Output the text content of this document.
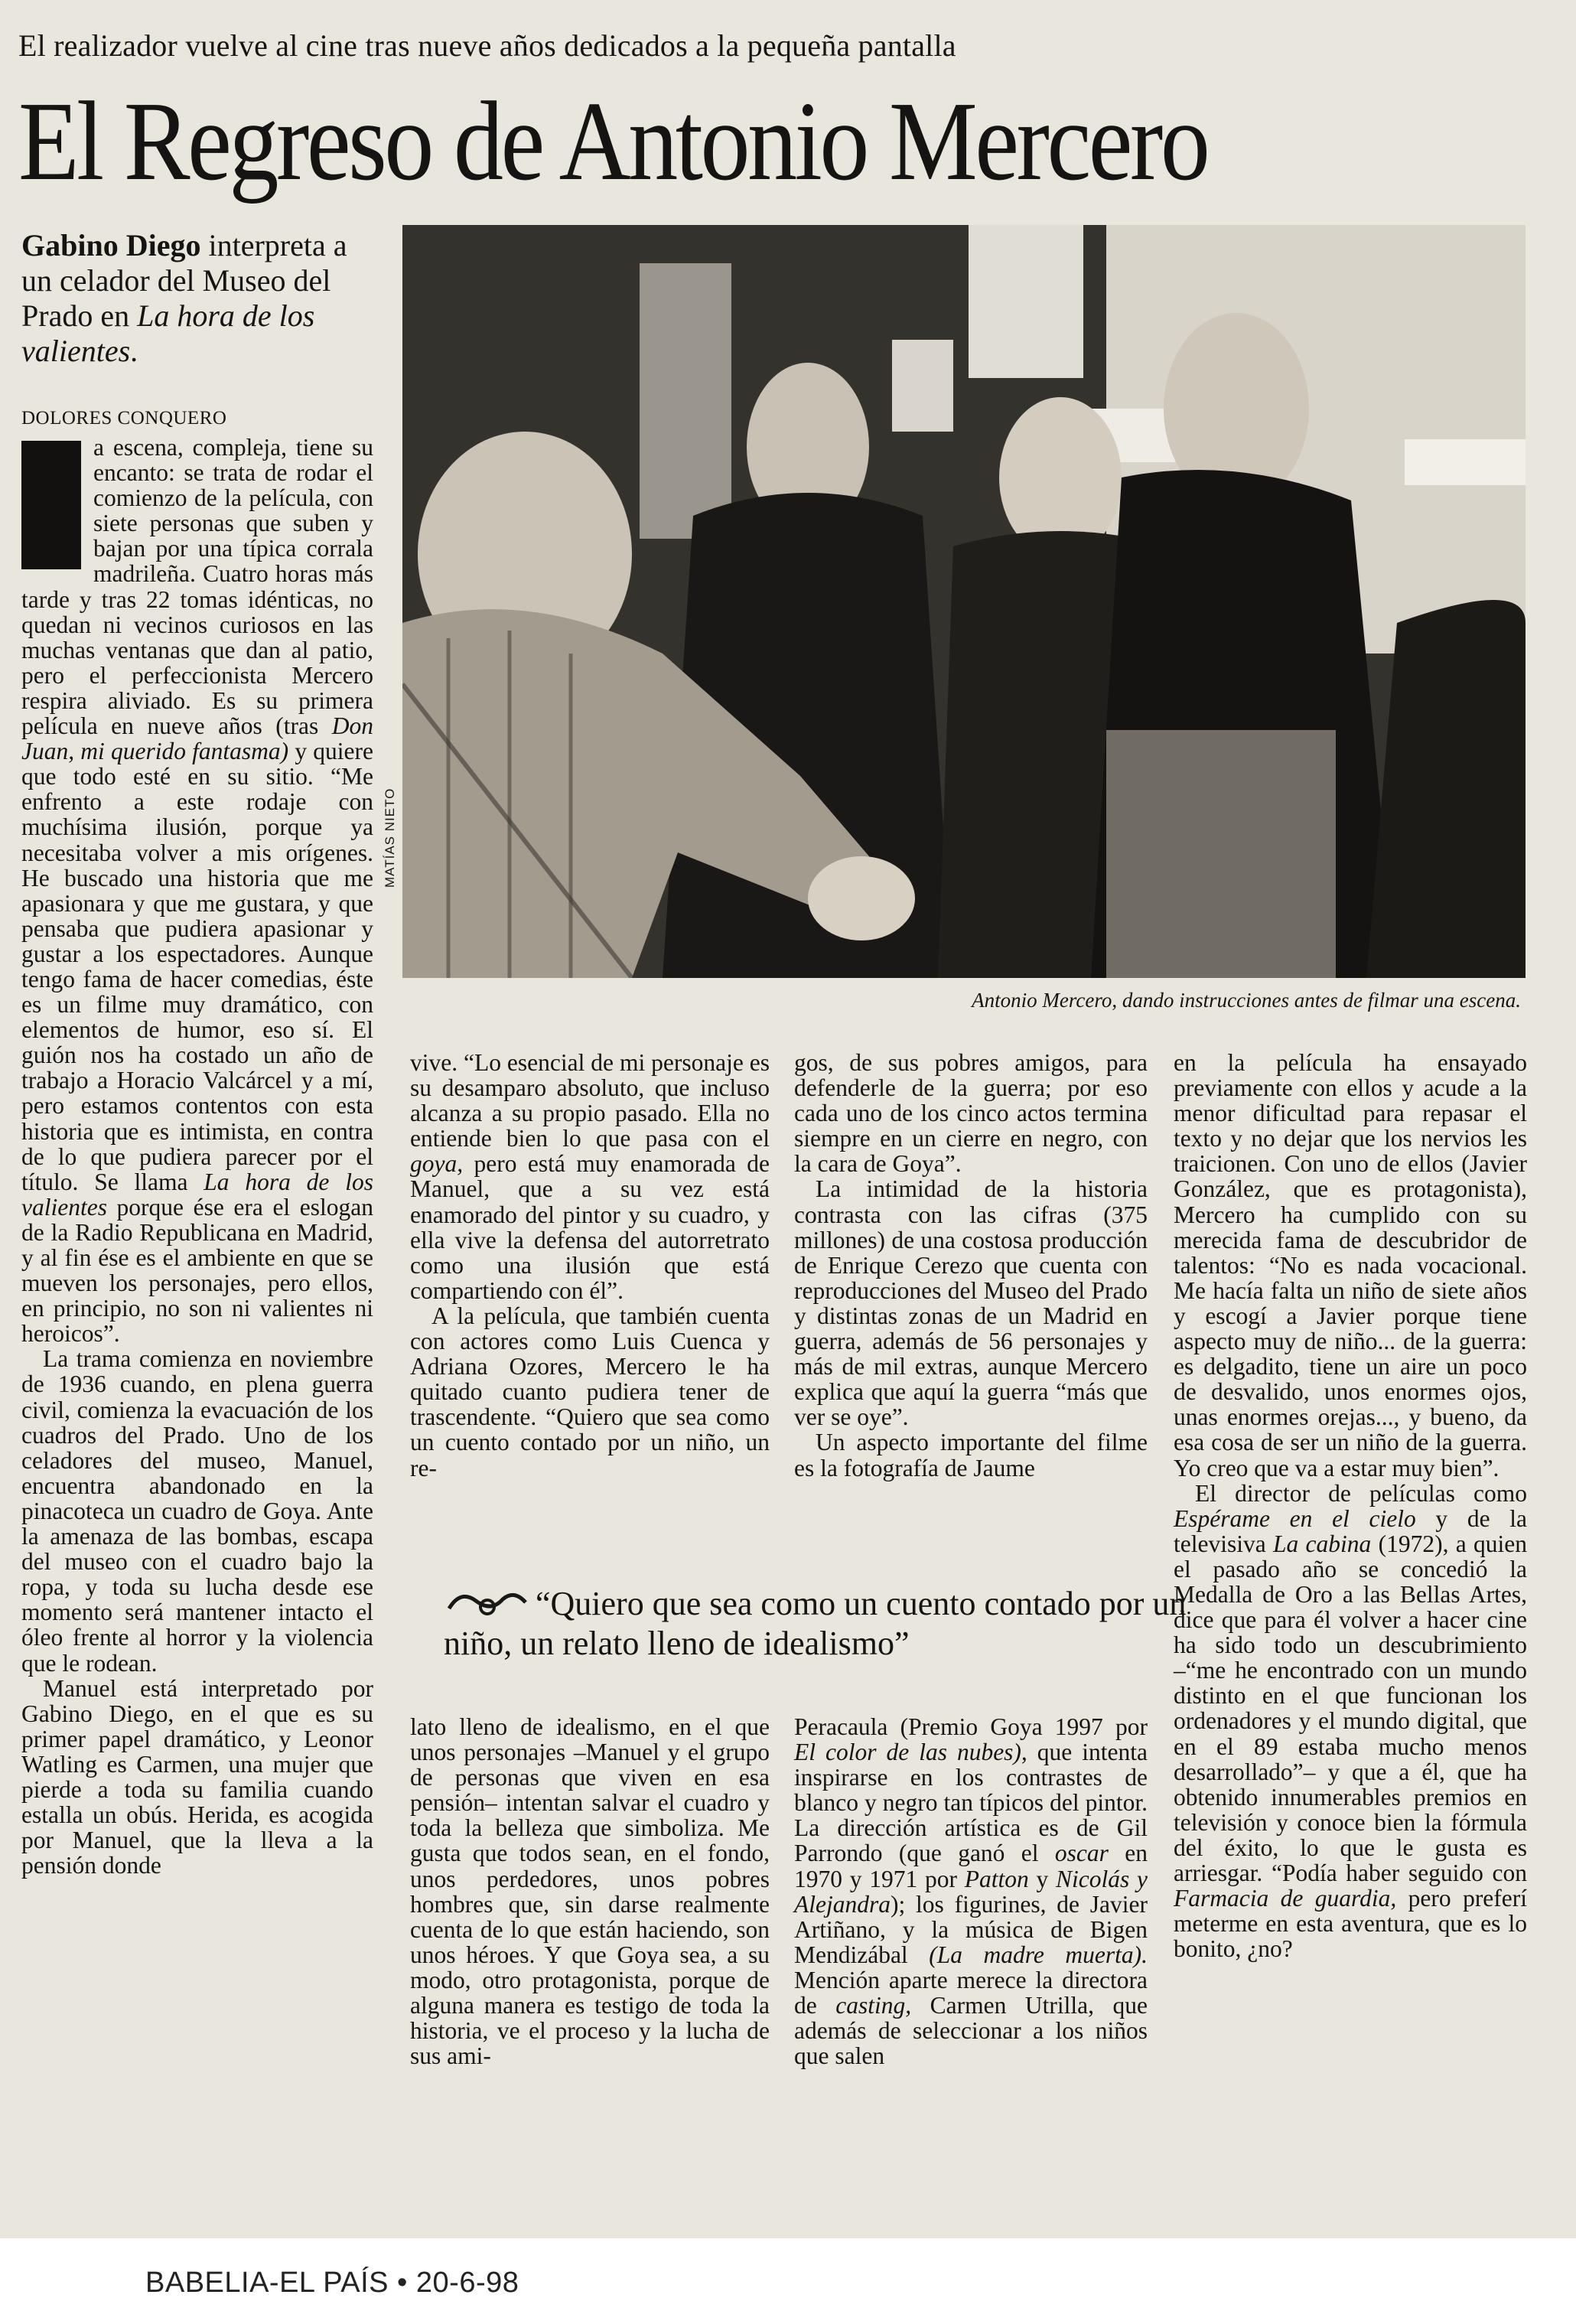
El realizador vuelve al cine tras nueve años dedicados a la pequeña pantalla
El Regreso de Antonio Mercero
Gabino Diego interpreta a un celador del Museo del Prado en La hora de los valientes.
DOLORES CONQUERO

a escena, compleja, tiene su encanto: se trata de rodar el comienzo de la película, con siete personas que suben y bajan por una típica corrala madrileña. Cuatro horas más tarde y tras 22 tomas idénticas, no quedan ni vecinos curiosos en las muchas ventanas que dan al patio, pero el perfeccionista Mercero respira aliviado. Es su primera película en nueve años (tras Don Juan, mi querido fantasma) y quiere que todo esté en su sitio. “Me enfrento a este rodaje con muchísima ilusión, porque ya necesitaba volver a mis orígenes. He buscado una historia que me apasionara y que me gustara, y que pensaba que pudiera apasionar y gustar a los espectadores. Aunque tengo fama de hacer comedias, éste es un filme muy dramático, con elementos de humor, eso sí. El guión nos ha costado un año de trabajo a Horacio Valcárcel y a mí, pero estamos contentos con esta historia que es intimista, en contra de lo que pudiera parecer por el título. Se llama La hora de los valientes porque ése era el eslogan de la Radio Republicana en Madrid, y al fin ése es el ambiente en que se mueven los personajes, pero ellos, en principio, no son ni valientes ni heroicos”.

La trama comienza en noviembre de 1936 cuando, en plena guerra civil, comienza la evacuación de los cuadros del Prado. Uno de los celadores del museo, Manuel, encuentra abandonado en la pinacoteca un cuadro de Goya. Ante la amenaza de las bombas, escapa del museo con el cuadro bajo la ropa, y toda su lucha desde ese momento será mantener intacto el óleo frente al horror y la violencia que le rodean.

Manuel está interpretado por Gabino Diego, en el que es su primer papel dramático, y Leonor Watling es Carmen, una mujer que pierde a toda su familia cuando estalla un obús. Herida, es acogida por Manuel, que la lleva a la pensión donde

MATÍAS NIETO
Antonio Mercero, dando instrucciones antes de filmar una escena.

vive. “Lo esencial de mi personaje es su desamparo absoluto, que incluso alcanza a su propio pasado. Ella no entiende bien lo que pasa con el goya, pero está muy enamorada de Manuel, que a su vez está enamorado del pintor y su cuadro, y ella vive la defensa del autorretrato como una ilusión que está compartiendo con él”.

A la película, que también cuenta con actores como Luis Cuenca y Adriana Ozores, Mercero le ha quitado cuanto pudiera tener de trascendente. “Quiero que sea como un cuento contado por un niño, un re-

gos, de sus pobres amigos, para defenderle de la guerra; por eso cada uno de los cinco actos termina siempre en un cierre en negro, con la cara de Goya”.

La intimidad de la historia contrasta con las cifras (375 millones) de una costosa producción de Enrique Cerezo que cuenta con reproducciones del Museo del Prado y distintas zonas de un Madrid en guerra, además de 56 personajes y más de mil extras, aunque Mercero explica que aquí la guerra “más que ver se oye”.

Un aspecto importante del filme es la fotografía de Jaume

“Quiero que sea como un cuento contado por un niño, un relato lleno de idealismo”

lato lleno de idealismo, en el que unos personajes –Manuel y el grupo de personas que viven en esa pensión– intentan salvar el cuadro y toda la belleza que simboliza. Me gusta que todos sean, en el fondo, unos perdedores, unos pobres hombres que, sin darse realmente cuenta de lo que están haciendo, son unos héroes. Y que Goya sea, a su modo, otro protagonista, porque de alguna manera es testigo de toda la historia, ve el proceso y la lucha de sus ami-

Peracaula (Premio Goya 1997 por El color de las nubes), que intenta inspirarse en los contrastes de blanco y negro tan típicos del pintor. La dirección artística es de Gil Parrondo (que ganó el oscar en 1970 y 1971 por Patton y Nicolás y Alejandra); los figurines, de Javier Artiñano, y la música de Bigen Mendizábal (La madre muerta). Mención aparte merece la directora de casting, Carmen Utrilla, que además de seleccionar a los niños que salen

en la película ha ensayado previamente con ellos y acude a la menor dificultad para repasar el texto y no dejar que los nervios les traicionen. Con uno de ellos (Javier González, que es protagonista), Mercero ha cumplido con su merecida fama de descubridor de talentos: “No es nada vocacional. Me hacía falta un niño de siete años y escogí a Javier porque tiene aspecto muy de niño... de la guerra: es delgadito, tiene un aire un poco de desvalido, unos enormes ojos, unas enormes orejas..., y bueno, da esa cosa de ser un niño de la guerra. Yo creo que va a estar muy bien”.

El director de películas como Espérame en el cielo y de la televisiva La cabina (1972), a quien el pasado año se concedió la Medalla de Oro a las Bellas Artes, dice que para él volver a hacer cine ha sido todo un descubrimiento –“me he encontrado con un mundo distinto en el que funcionan los ordenadores y el mundo digital, que en el 89 estaba mucho menos desarrollado”– y que a él, que ha obtenido innumerables premios en televisión y conoce bien la fórmula del éxito, lo que le gusta es arriesgar. “Podía haber seguido con Farmacia de guardia, pero preferí meterme en esta aventura, que es lo bonito, ¿no?

BABELIA-EL PAÍS • 20-6-98
